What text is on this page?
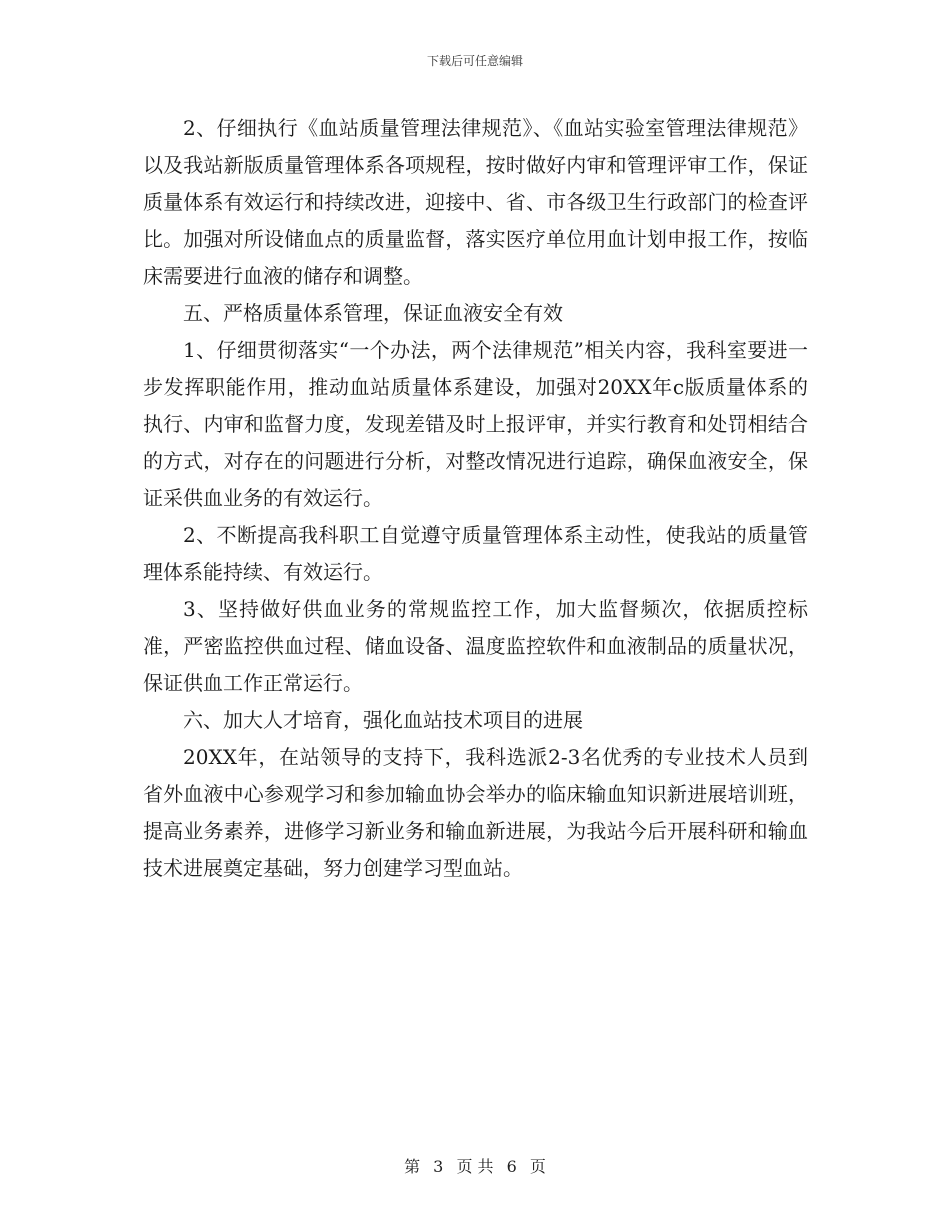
下载后可任意编辑

2、仔细执行《血站质量管理法律规范》、《血站实验室管理法律规范》以及我站新版质量管理体系各项规程，按时做好内审和管理评审工作，保证质量体系有效运行和持续改进，迎接中、省、市各级卫生行政部门的检查评比。加强对所设储血点的质量监督，落实医疗单位用血计划申报工作，按临床需要进行血液的储存和调整。

五、严格质量体系管理，保证血液安全有效

1、仔细贯彻落实“一个办法，两个法律规范”相关内容，我科室要进一步发挥职能作用，推动血站质量体系建设，加强对20XX年c版质量体系的执行、内审和监督力度，发现差错及时上报评审，并实行教育和处罚相结合的方式，对存在的问题进行分析，对整改情况进行追踪，确保血液安全，保证采供血业务的有效运行。

2、不断提高我科职工自觉遵守质量管理体系主动性，使我站的质量管理体系能持续、有效运行。

3、坚持做好供血业务的常规监控工作，加大监督频次，依据质控标准，严密监控供血过程、储血设备、温度监控软件和血液制品的质量状况，保证供血工作正常运行。

六、加大人才培育，强化血站技术项目的进展

20XX年，在站领导的支持下，我科选派2-3名优秀的专业技术人员到省外血液中心参观学习和参加输血协会举办的临床输血知识新进展培训班，提高业务素养，进修学习新业务和输血新进展，为我站今后开展科研和输血技术进展奠定基础，努力创建学习型血站。

第 3 页 共 6 页
